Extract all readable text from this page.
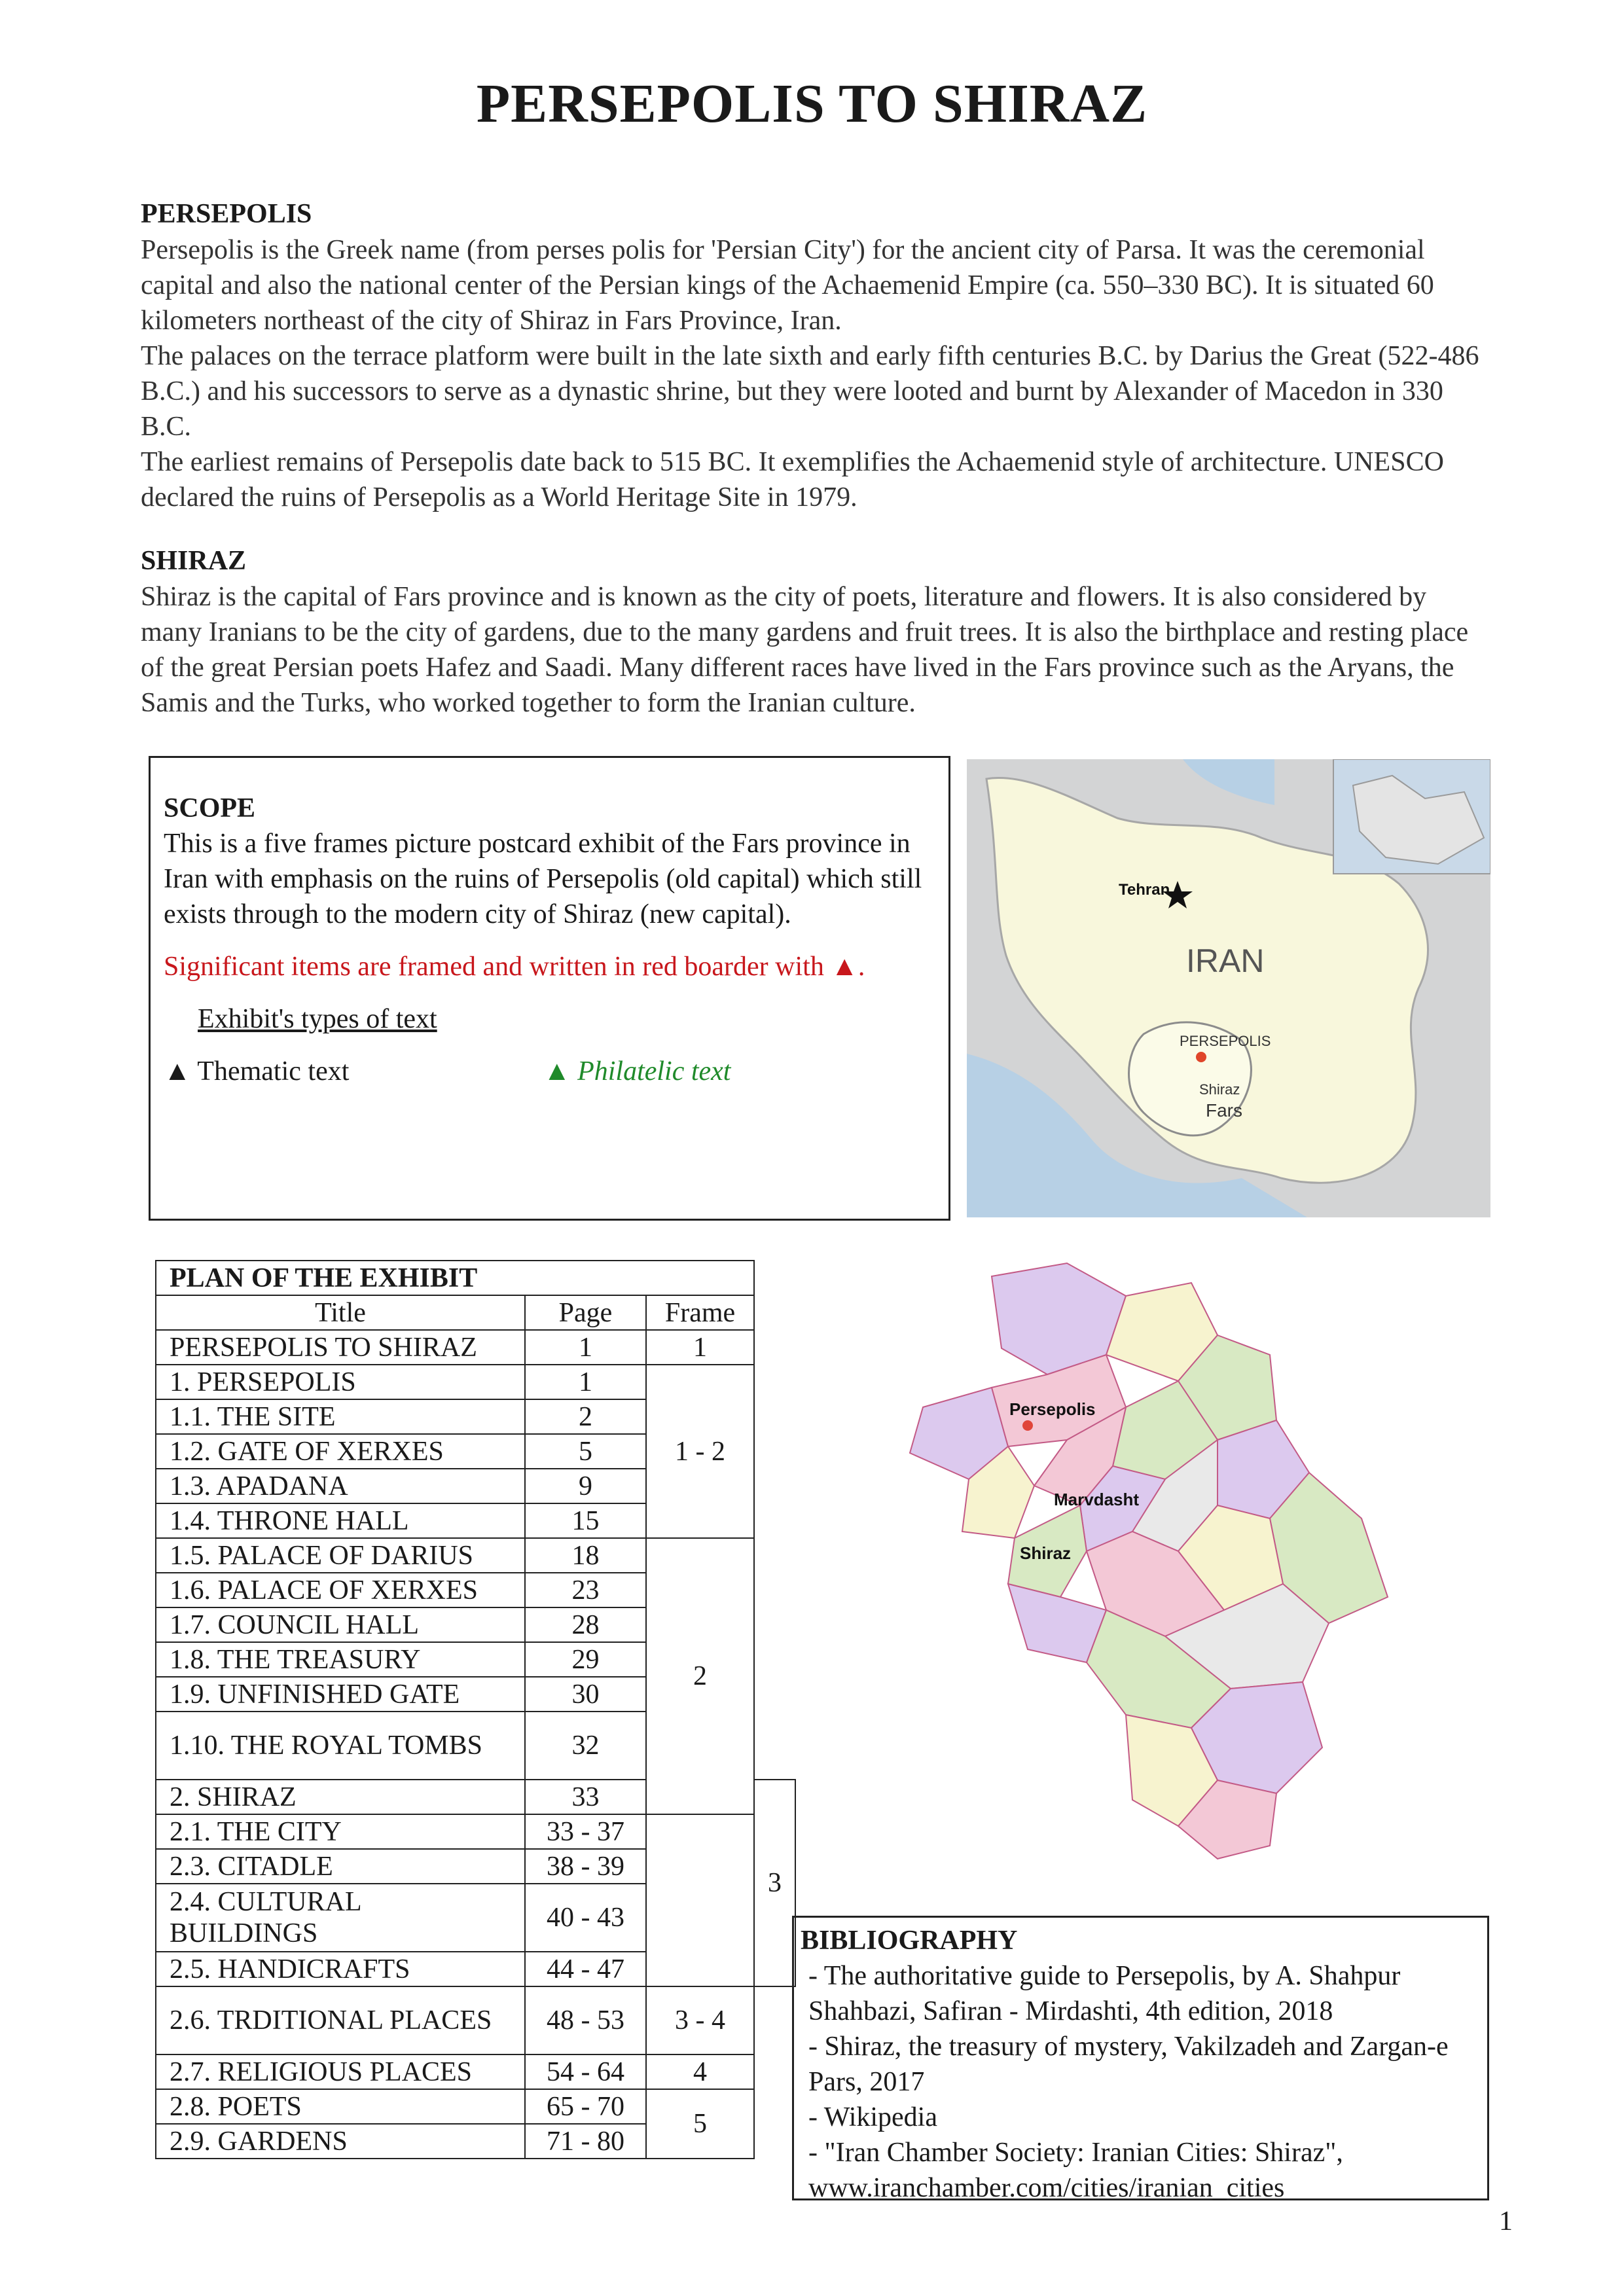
PERSEPOLIS TO SHIRAZ

PERSEPOLIS

Persepolis is the Greek name (from perses polis for 'Persian City') for the ancient city of Parsa. It was the ceremonial capital and also the national center of the Persian kings of the Achaemenid Empire (ca. 550–330 BC). It is situated 60 kilometers northeast of the city of Shiraz in Fars Province, Iran.

The palaces on the terrace platform were built in the late sixth and early fifth centuries B.C. by Darius the Great (522-486 B.C.) and his successors to serve as a dynastic shrine, but they were looted and burnt by Alexander of Macedon in 330 B.C.

The earliest remains of Persepolis date back to 515 BC. It exemplifies the Achaemenid style of architecture. UNESCO declared the ruins of Persepolis as a World Heritage Site in 1979.

SHIRAZ

Shiraz is the capital of Fars province and is known as the city of poets, literature and flowers. It is also considered by many Iranians to be the city of gardens, due to the many gardens and fruit trees. It is also the birthplace and resting place of the great Persian poets Hafez and Saadi. Many different races have lived in the Fars province such as the Aryans, the Samis and the Turks, who worked together to form the Iranian culture.

SCOPE
This is a five frames picture postcard exhibit of the Fars province in Iran with emphasis on the ruins of Persepolis (old capital) which still exists through to the modern city of Shiraz (new capital).
Significant items are framed and written in red boarder with ▲.
Exhibit's types of text
▲ Thematic text	▲ Philatelic text
Tehran
IRAN
PERSEPOLIS
Shiraz
Fars
Persepolis
Marvdasht
Shiraz
PLAN OF THE EXHIBIT			
Title	Page	Frame	
PERSEPOLIS TO SHIRAZ	1	1	
1. PERSEPOLIS	1	1 - 2	
1.1. THE SITE	2		
1.2. GATE OF XERXES	5		
1.3. APADANA	9		
1.4. THRONE HALL	15		
1.5. PALACE OF DARIUS	18	2	
1.6. PALACE OF XERXES	23		
1.7. COUNCIL HALL	28		
1.8. THE TREASURY	29		
1.9. UNFINISHED GATE	30		
1.10. THE ROYAL TOMBS	32		
2. SHIRAZ	33		3
2.1. THE CITY	33 - 37		
2.3. CITADLE	38 - 39		
2.4. CULTURAL BUILDINGS	40 - 43		
2.5. HANDICRAFTS	44 - 47		
2.6. TRDITIONAL PLACES	48 - 53	3 - 4	
2.7. RELIGIOUS PLACES	54 - 64	4	
2.8. POETS	65 - 70	5	
2.9. GARDENS	71 - 80		
BIBLIOGRAPHY
- The authoritative guide to Persepolis, by A. Shahpur Shahbazi, Safiran - Mirdashti, 4th edition, 2018
- Shiraz, the treasury of mystery, Vakilzadeh and Zargan-e Pars, 2017
- Wikipedia
- "Iran Chamber Society: Iranian Cities: Shiraz", www.iranchamber.com/cities/iranian_cities
1
